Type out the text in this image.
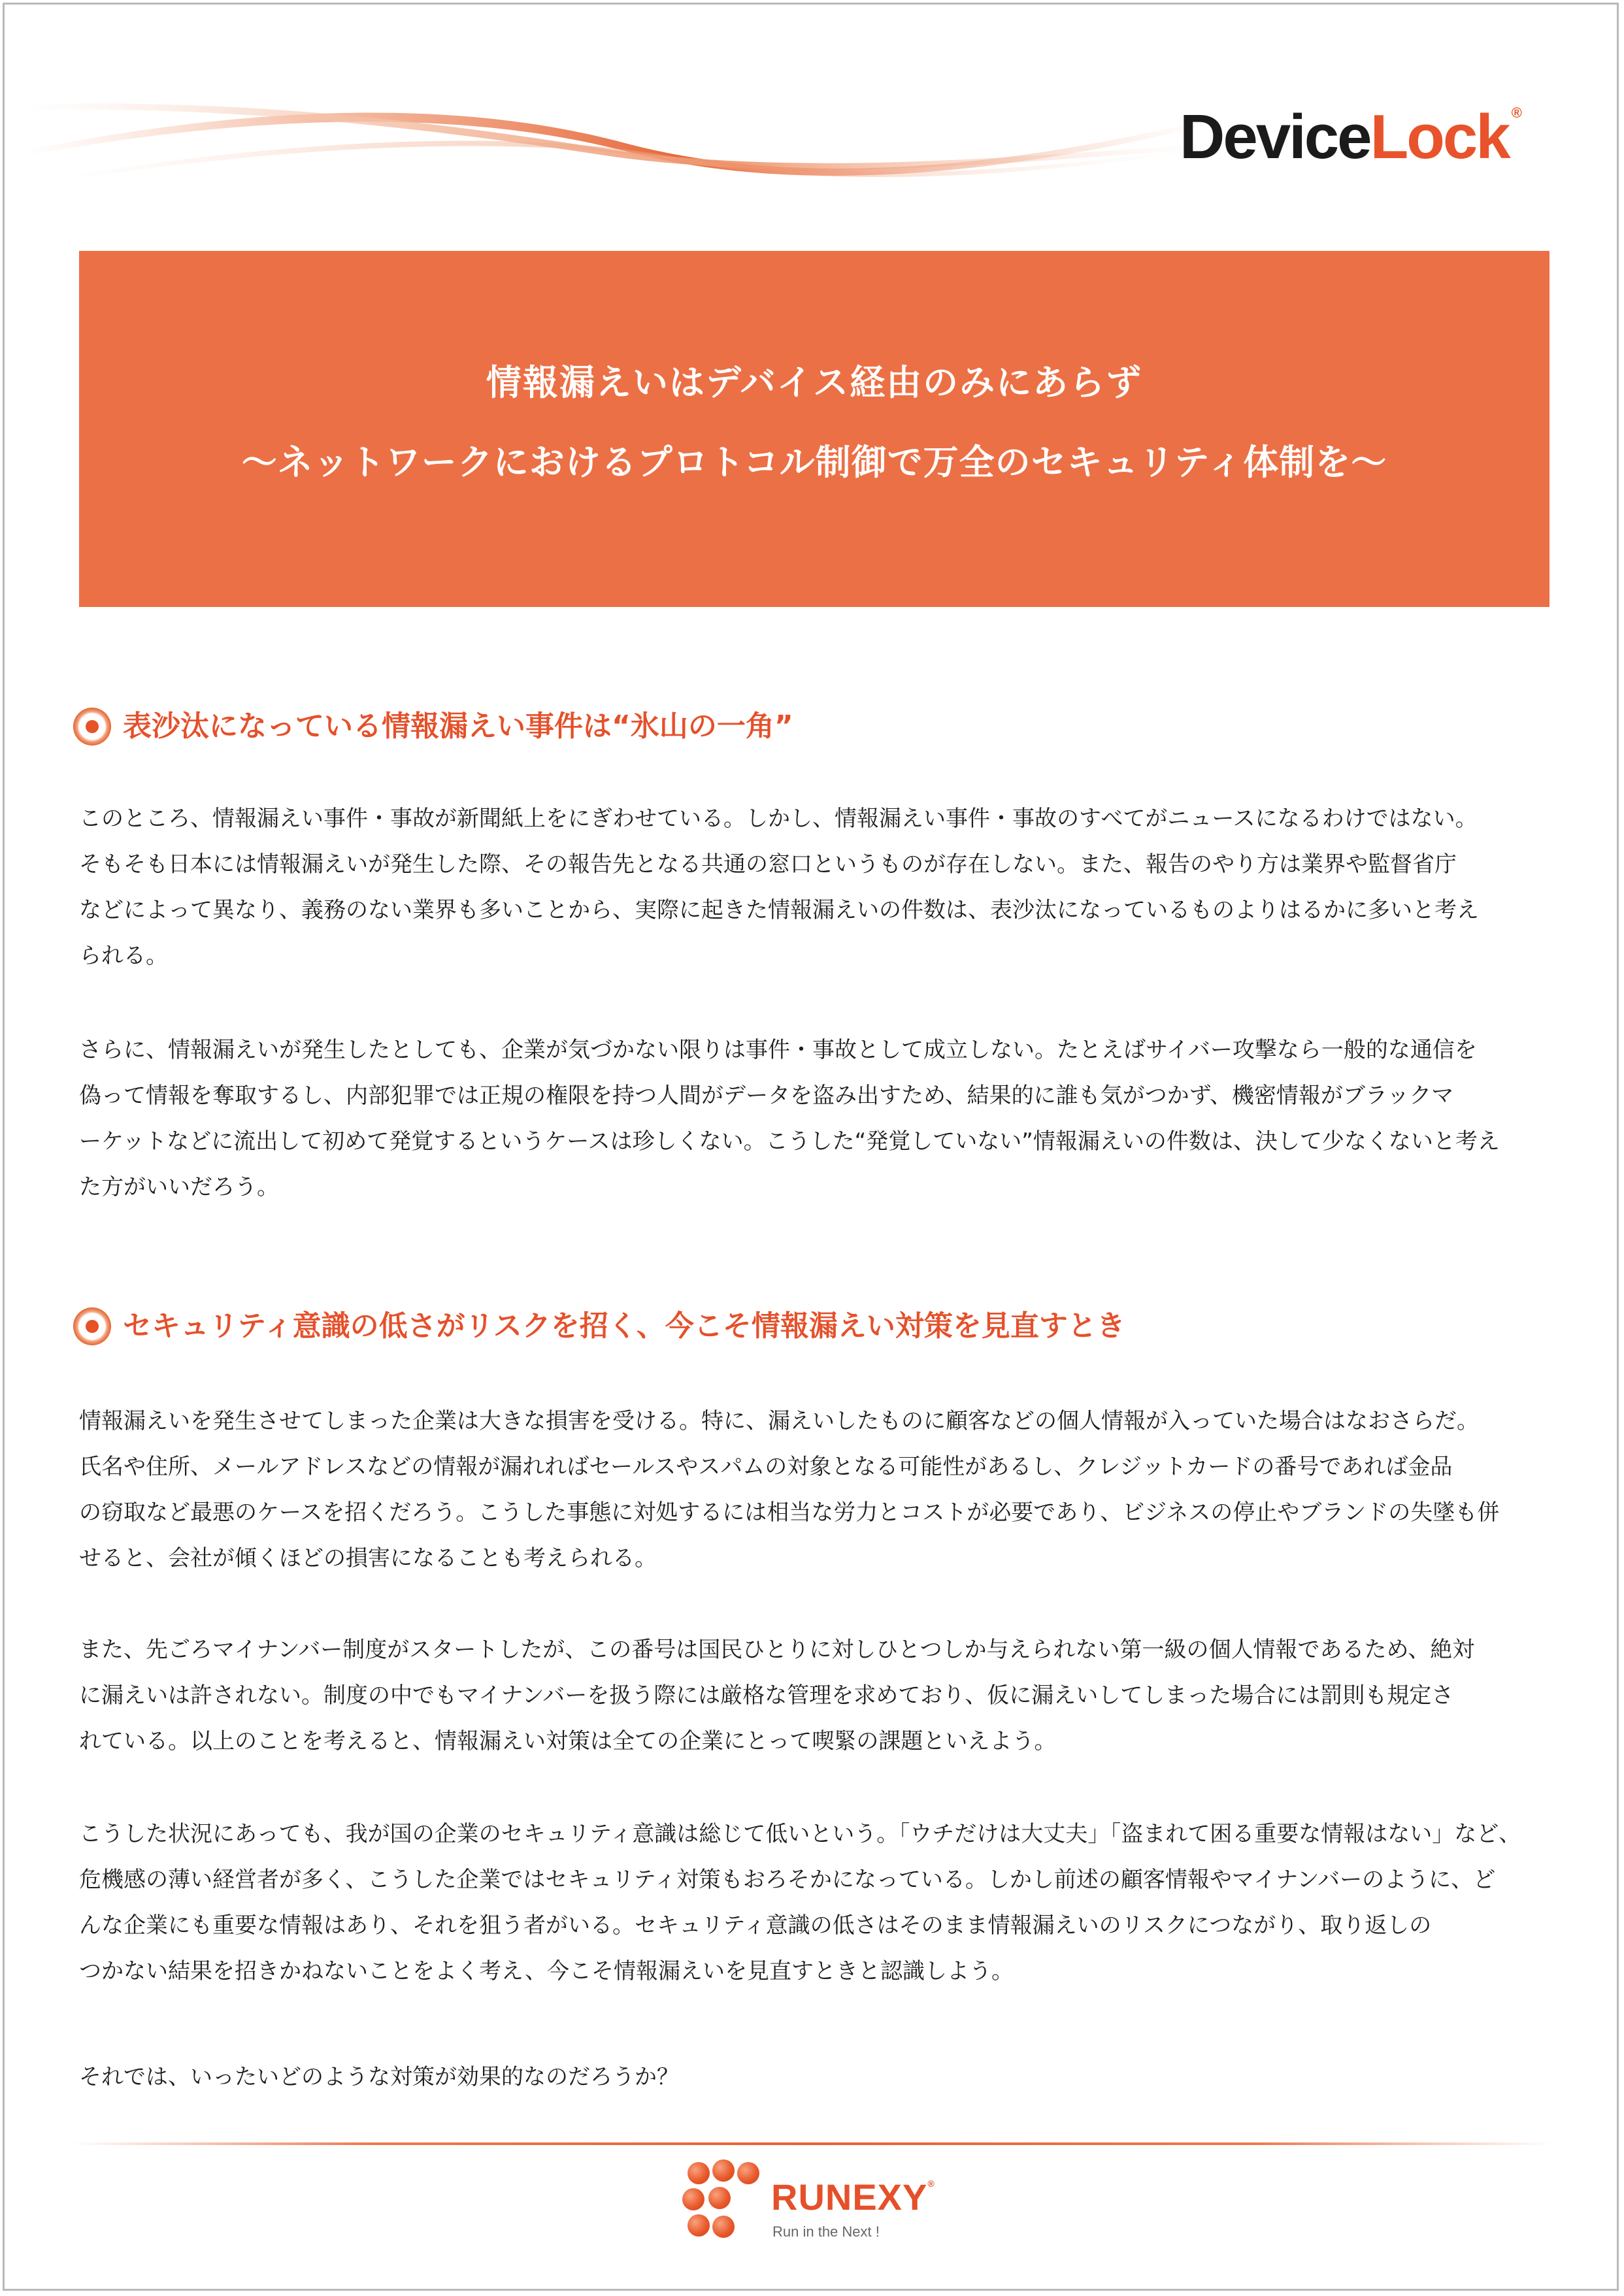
DeviceLock ®
情報漏えいはデバイス経由のみにあらず
～ネットワークにおけるプロトコル制御で万全のセキュリティ体制を～
表沙汰になっている情報漏えい事件は“氷山の一角”

このところ、情報漏えい事件・事故が新聞紙上をにぎわせている。しかし、情報漏えい事件・事故のすべてがニュースになるわけではない。
そもそも日本には情報漏えいが発生した際、その報告先となる共通の窓口というものが存在しない。また、報告のやり方は業界や監督省庁
などによって異なり、義務のない業界も多いことから、実際に起きた情報漏えいの件数は、表沙汰になっているものよりはるかに多いと考え
られる。

さらに、情報漏えいが発生したとしても、企業が気づかない限りは事件・事故として成立しない。たとえばサイバー攻撃なら一般的な通信を
偽って情報を奪取するし、内部犯罪では正規の権限を持つ人間がデータを盗み出すため、結果的に誰も気がつかず、機密情報がブラックマ
ーケットなどに流出して初めて発覚するというケースは珍しくない。こうした“発覚していない”情報漏えいの件数は、決して少なくないと考え
た方がいいだろう。

セキュリティ意識の低さがリスクを招く、今こそ情報漏えい対策を見直すとき

情報漏えいを発生させてしまった企業は大きな損害を受ける。特に、漏えいしたものに顧客などの個人情報が入っていた場合はなおさらだ。
氏名や住所、メールアドレスなどの情報が漏れればセールスやスパムの対象となる可能性があるし、クレジットカードの番号であれば金品
の窃取など最悪のケースを招くだろう。こうした事態に対処するには相当な労力とコストが必要であり、ビジネスの停止やブランドの失墜も併
せると、会社が傾くほどの損害になることも考えられる。

また、先ごろマイナンバー制度がスタートしたが、この番号は国民ひとりに対しひとつしか与えられない第一級の個人情報であるため、絶対
に漏えいは許されない。制度の中でもマイナンバーを扱う際には厳格な管理を求めており、仮に漏えいしてしまった場合には罰則も規定さ
れている。以上のことを考えると、情報漏えい対策は全ての企業にとって喫緊の課題といえよう。

こうした状況にあっても、我が国の企業のセキュリティ意識は総じて低いという。「ウチだけは大丈夫」「盗まれて困る重要な情報はない」など、
危機感の薄い経営者が多く、こうした企業ではセキュリティ対策もおろそかになっている。しかし前述の顧客情報やマイナンバーのように、ど
んな企業にも重要な情報はあり、それを狙う者がいる。セキュリティ意識の低さはそのまま情報漏えいのリスクにつながり、取り返しの
つかない結果を招きかねないことをよく考え、今こそ情報漏えいを見直すときと認識しよう。

それでは、いったいどのような対策が効果的なのだろうか？

RUNEXY®
Run in the Next !
